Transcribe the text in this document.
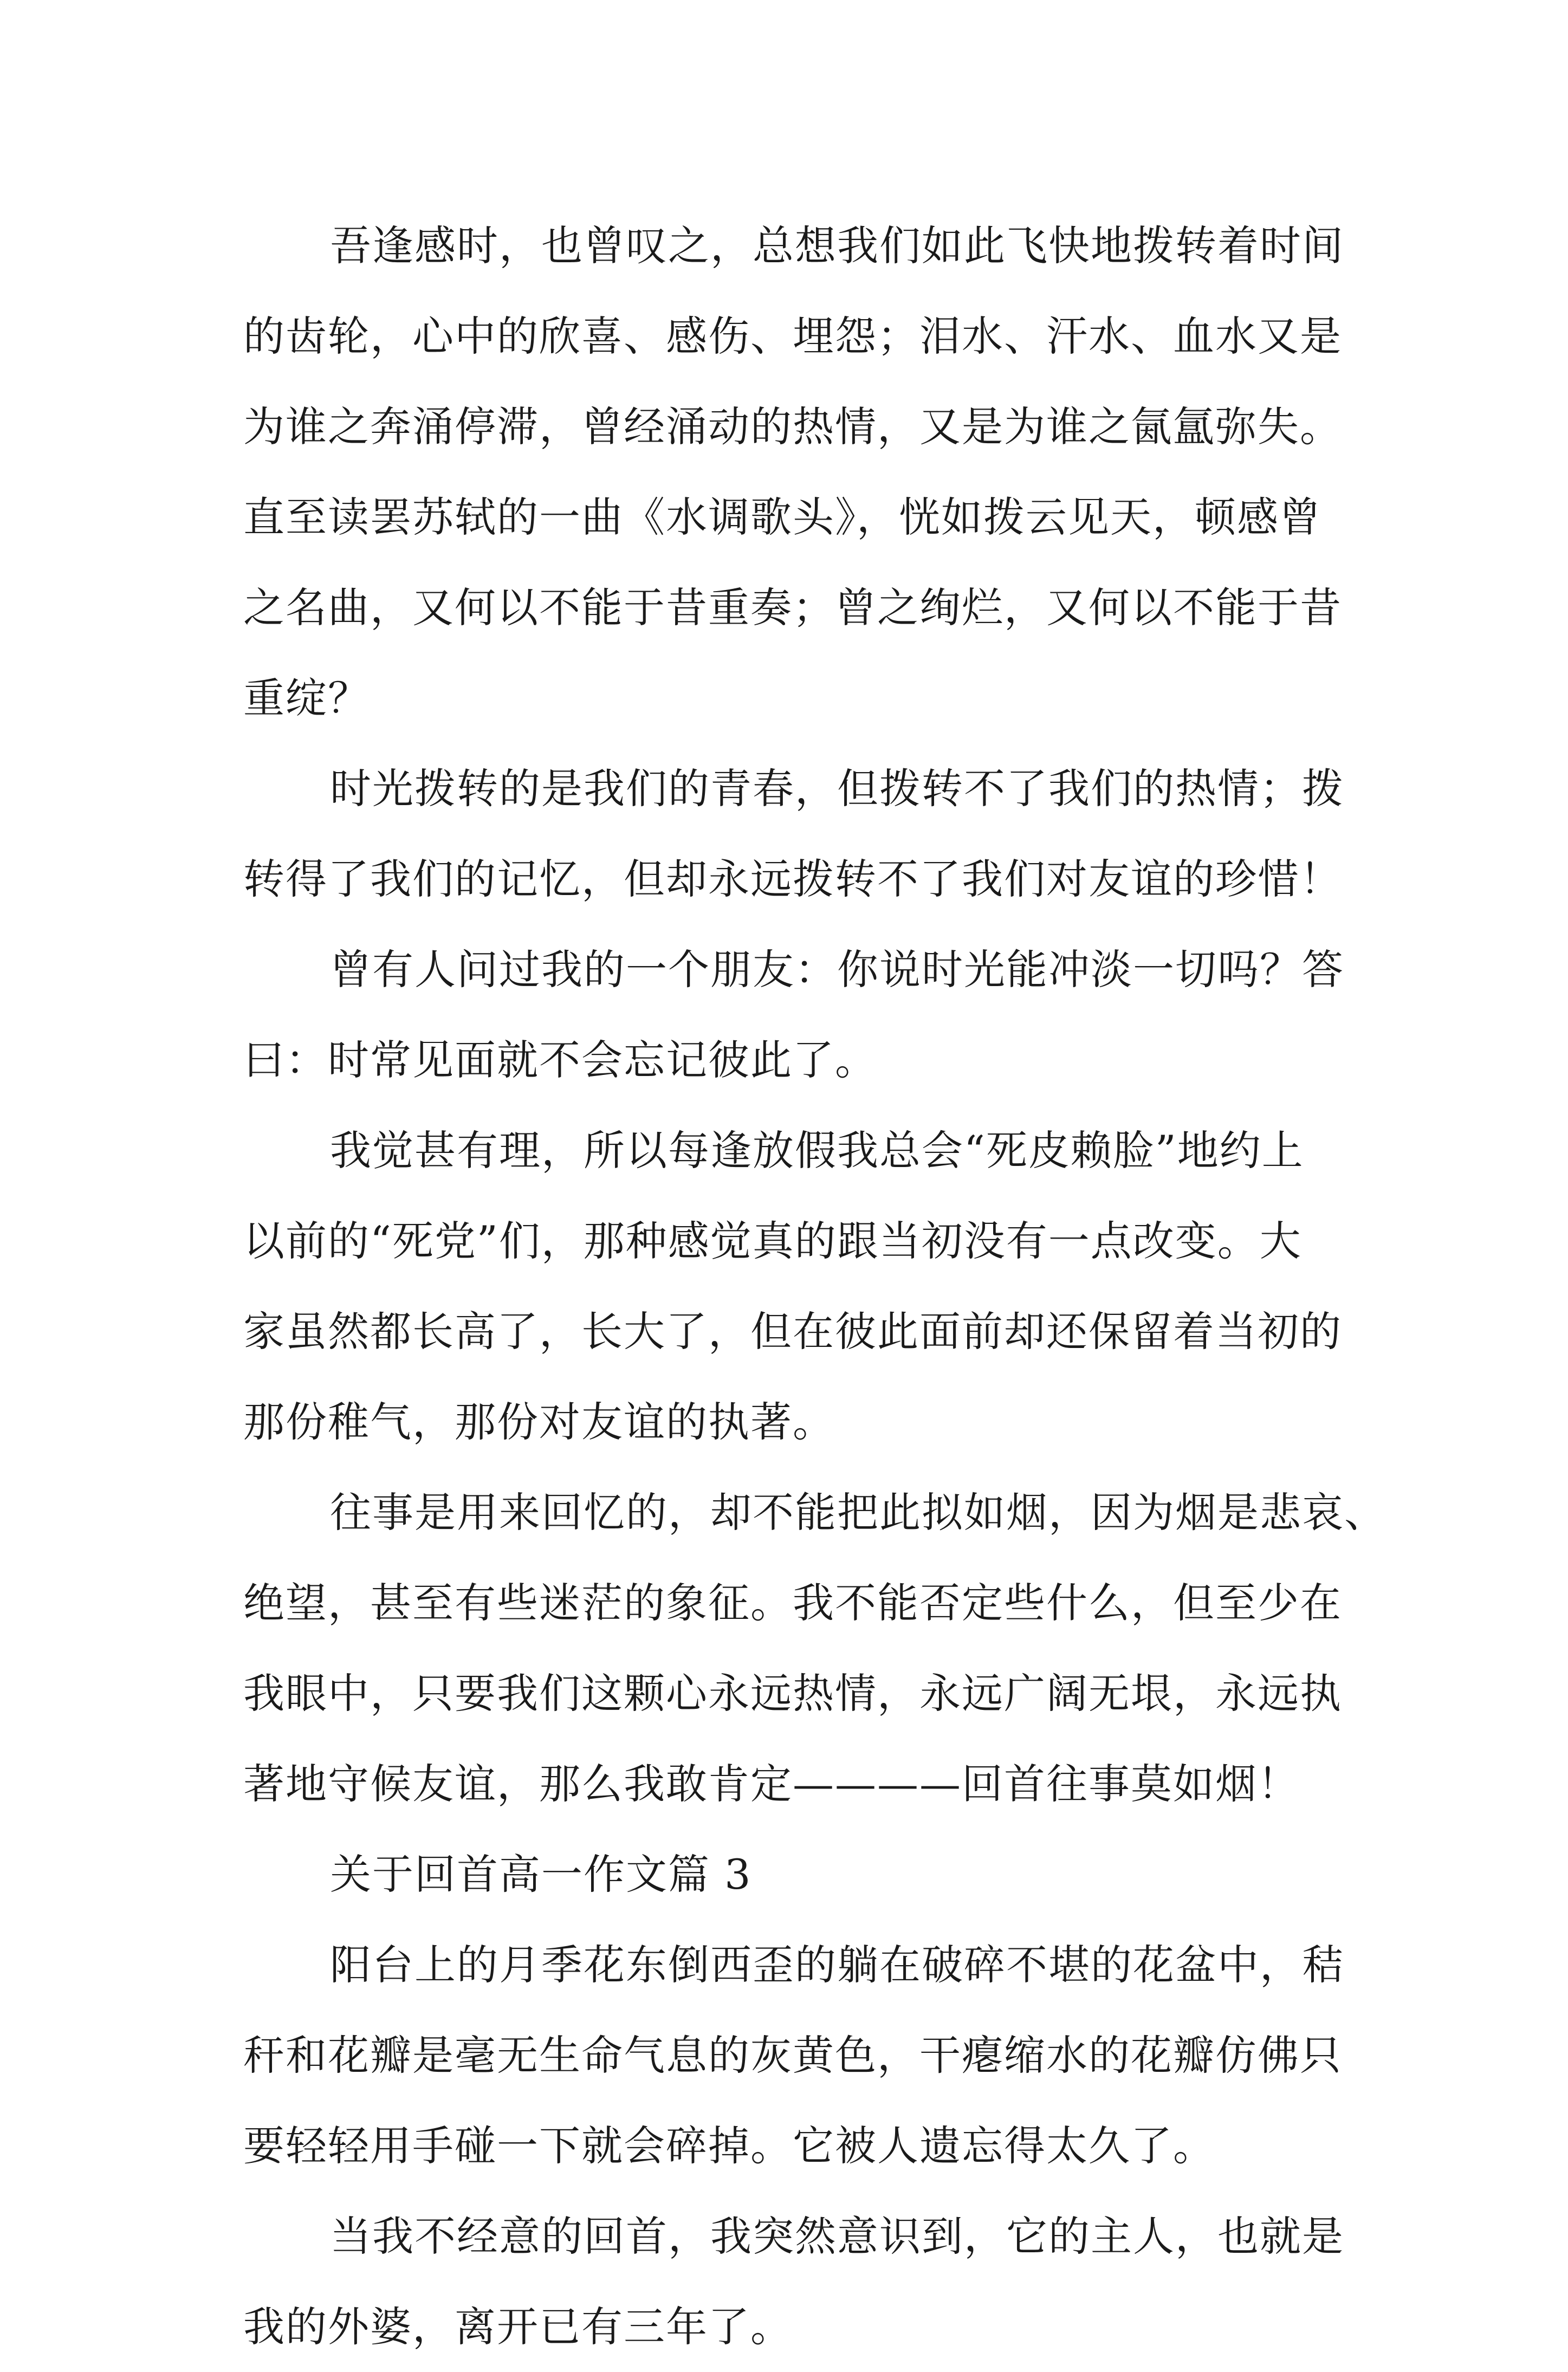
吾逢感时，也曾叹之，总想我们如此飞快地拨转着时间
的齿轮，心中的欣喜、感伤、埋怨；泪水、汗水、血水又是
为谁之奔涌停滞，曾经涌动的热情，又是为谁之氤氲弥失。
直至读罢苏轼的一曲《水调歌头》，恍如拨云见天，顿感曾
之名曲，又何以不能于昔重奏；曾之绚烂，又何以不能于昔
重绽？

时光拨转的是我们的青春，但拨转不了我们的热情；拨
转得了我们的记忆，但却永远拨转不了我们对友谊的珍惜！

曾有人问过我的一个朋友：你说时光能冲淡一切吗？答
曰：时常见面就不会忘记彼此了。

我觉甚有理，所以每逢放假我总会“死皮赖脸”地约上
以前的“死党”们，那种感觉真的跟当初没有一点改变。大
家虽然都长高了，长大了，但在彼此面前却还保留着当初的
那份稚气，那份对友谊的执著。

往事是用来回忆的，却不能把此拟如烟，因为烟是悲哀、
绝望，甚至有些迷茫的象征。我不能否定些什么，但至少在
我眼中，只要我们这颗心永远热情，永远广阔无垠，永远执
著地守候友谊，那么我敢肯定————回首往事莫如烟！

关于回首高一作文篇 3

阳台上的月季花东倒西歪的躺在破碎不堪的花盆中，秸
秆和花瓣是毫无生命气息的灰黄色，干瘪缩水的花瓣仿佛只
要轻轻用手碰一下就会碎掉。它被人遗忘得太久了。

当我不经意的回首，我突然意识到，它的主人，也就是
我的外婆，离开已有三年了。
